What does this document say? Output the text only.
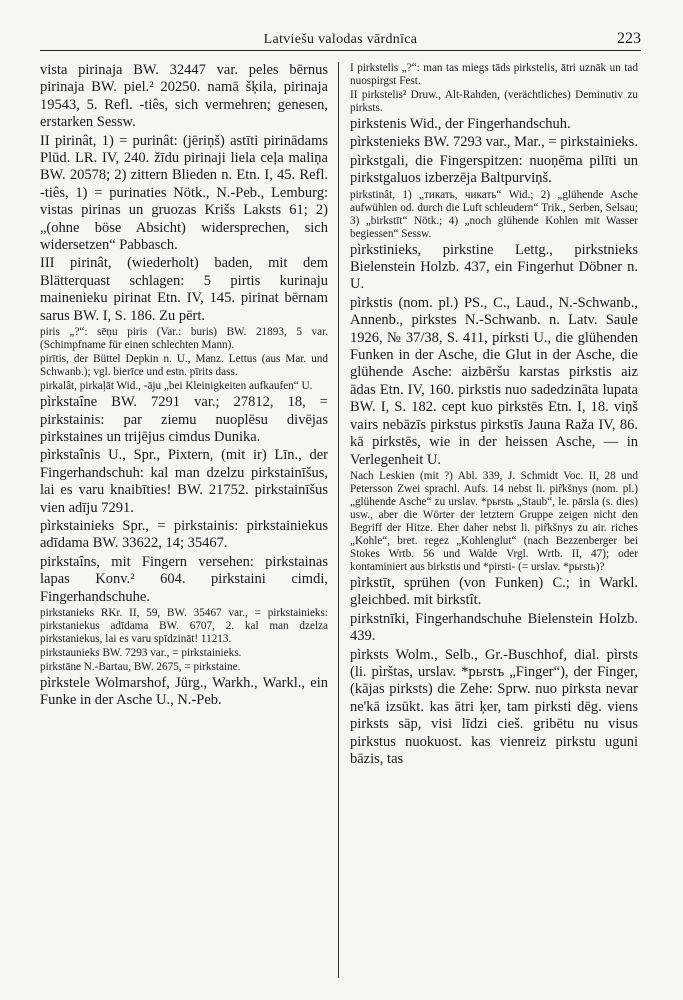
Latviešu valodas vārdnīca	223

vista pirinaja BW. 32447 var. peles bērnus pirinaja BW. piel.² 20250. namā šķila, pirinaja 19543, 5. Refl. -tiês, sich vermehren; genesen, erstarken Sessw.

II pirinât, 1) = purinât: (jēriņš) astīti pirinādams Plūd. LR. IV, 240. žīdu pirinaji liela ceļa maliņa BW. 20578; 2) zittern Blieden n. Etn. I, 45. Refl. -tiês, 1) = purinaties Nötk., N.-Peb., Lemburg: vistas pirinas un gruozas Krišs Laksts 61; 2) „(ohne böse Absicht) widersprechen, sich widersetzen“ Pabbasch.

III pirinât, (wiederholt) baden, mit dem Blätterquast schlagen: 5 pirtis kurinaju mainenieku pirinat Etn. IV, 145. pirinat bērnam sarus BW. I, S. 186. Zu pērt.

piris „?“: sēņu piris (Var.: buris) BW. 21893, 5 var. (Schimpfname für einen schlechten Mann).

pirītis, der Büttel Depkin n. U., Manz. Lettus (aus Mar. und Schwanb.); vgl. bierīce und estn. pīrits dass.

pirkalât, pirkaļāt Wid., -āju „bei Kleinigkeiten aufkaufen“ U.

pìrkstaîne BW. 7291 var.; 27812, 18, = pirkstainis: par ziemu nuoplēsu divējas pirkstaines un trijējus cimdus Dunika.

pìrkstaînis U., Spr., Pixtern, (mit ir) Līn., der Fingerhandschuh: kal man dzelzu pirkstainīšus, lai es varu knaibīties! BW. 21752. pirkstainīšus vien adīju 7291.

pìrkstainieks Spr., = pirkstainis: pirkstainiekus adīdama BW. 33622, 14; 35467.

pirkstaîns, mit Fingern versehen: pirkstainas lapas Konv.² 604. pirkstaini cimdi, Fingerhandschuhe.

pirkstanieks RKr. II, 59, BW. 35467 var., = pirkstainieks: pirkstaniekus adīdama BW. 6707, 2. kal man dzelza pirkstaniekus, lai es varu spīdzināt! 11213.

pirkstaunieks BW. 7293 var., = pirkstainieks.

pirkstāne N.-Bartau, BW. 2675, = pirkstaine.

pìrkstele Wolmarshof, Jürg., Warkh., Warkl., ein Funke in der Asche U., N.-Peb.

I pirkstelis „?“: man tas miegs tāds pirkstelis, ātri uznāk un tad nuospirgst Fest.

II pirkstelis² Druw., Alt-Rahden, (verächtliches) Deminutiv zu pirksts.

pirkstenis Wid., der Fingerhandschuh.

pìrkstenieks BW. 7293 var., Mar., = pirkstainieks.

pìrkstgali, die Fingerspitzen: nuoņēma pilīti un pirkstgaluos izberzēja Baltpurviņš.

pirkstinât, 1) „тикать, чикать“ Wid.; 2) „glühende Asche aufwühlen od. durch die Luft schleudern“ Trik., Serben, Selsau; 3) „birkstīt“ Nötk.; 4) „noch glühende Kohlen mit Wasser begiessen“ Sessw.

pìrkstinieks, pirkstine Lettg., pirkstnieks Bielenstein Holzb. 437, ein Fingerhut Döbner n. U.

pìrkstis (nom. pl.) PS., C., Laud., N.-Schwanb., Annenb., pirkstes N.-Schwanb. n. Latv. Saule 1926, № 37/38, S. 411, pirksti U., die glühenden Funken in der Asche, die Glut in der Asche, die glühende Asche: aizbēršu karstas pirkstis aiz ādas Etn. IV, 160. pirkstis nuo sadedzināta lupata BW. I, S. 182. cept kuo pirkstēs Etn. I, 18. viņš vairs nebāzīs pirkstus pirkstīs Jauna Raža IV, 86. kā pirkstēs, wie in der heissen Asche, — in Verlegenheit U.

Nach Leskien (mit ?) Abl. 339, J. Schmidt Voc. II, 28 und Petersson Zwei sprachl. Aufs. 14 nebst li. pir̃kšnys (nom. pl.) „glühende Asche“ zu urslav. *pьrstь „Staub“, le. pārsla (s. dies) usw., aber die Wörter der letztern Gruppe zeigen nicht den Begriff der Hitze. Eher daher nebst li. pir̃kšnys zu air. riches „Kohle“, bret. regez „Kohlenglut“ (nach Bezzenberger bei Stokes Wrtb. 56 und Walde Vrgl. Wrtb. II, 47); oder kontaminiert aus birkstis und *pirsti- (= urslav. *pьrstь)?

pìrkstīt, sprühen (von Funken) C.; in Warkl. gleichbed. mit birkstît.

pirkstnīki, Fingerhandschuhe Bielenstein Holzb. 439.

pìrksts Wolm., Selb., Gr.-Buschhof, dial. pìrsts (li. pìrštas, urslav. *pьrstъ „Finger“), der Finger, (kājas pirksts) die Zehe: Sprw. nuo pirksta nevar ne'kā izsūkt. kas ātri ķer, tam pirksti dēg. viens pirksts sāp, visi līdzi cieš. gribētu nu visus pirkstus nuokuost. kas vienreiz pirkstu uguni bāzis, tas
